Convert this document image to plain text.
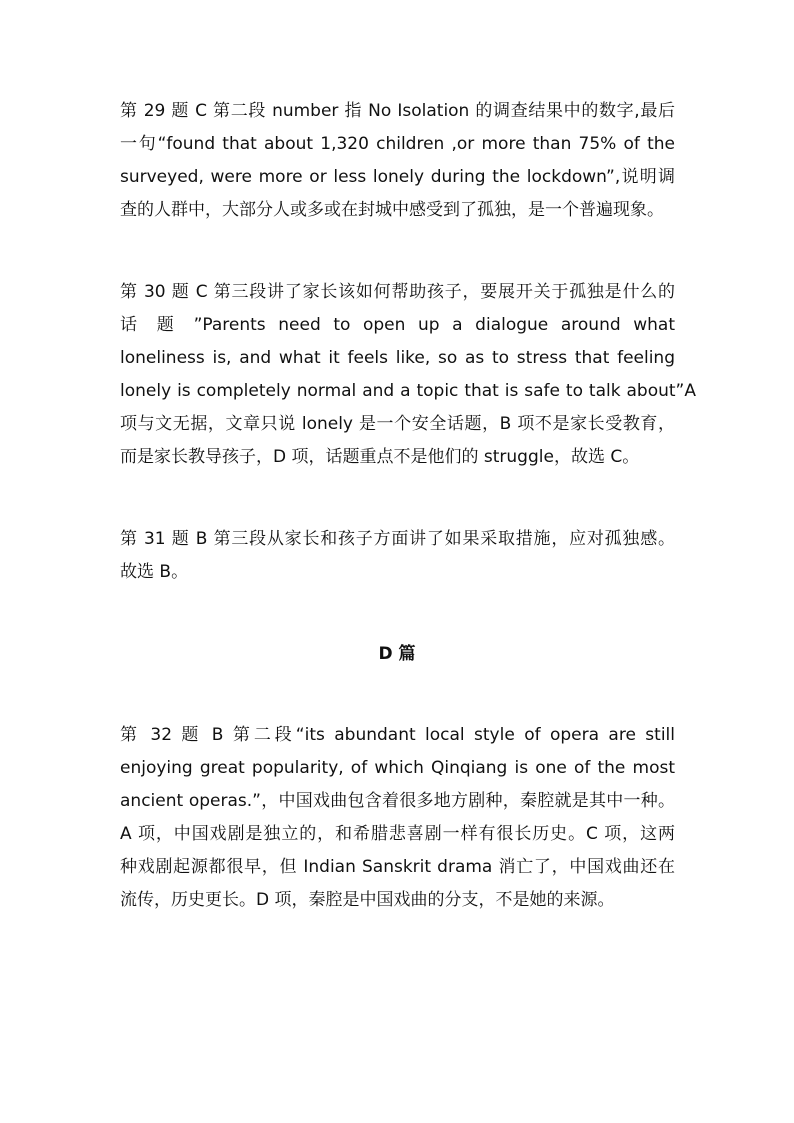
第 29 题 C 第二段 number 指 No Isolation 的调查结果中的数字,最后
一句“found that about 1,320 children ,or more than 75% of the
surveyed, were more or less lonely during the lockdown”,说明调
查的人群中，大部分人或多或在封城中感受到了孤独，是一个普遍现象。
第 30 题 C 第三段讲了家长该如何帮助孩子，要展开关于孤独是什么的
话 题 ”Parents need to open up a dialogue around what
loneliness is, and what it feels like, so as to stress that feeling
lonely is completely normal and a topic that is safe to talk about”A
项与文无据，文章只说 lonely 是一个安全话题，B 项不是家长受教育，
而是家长教导孩子，D 项，话题重点不是他们的 struggle，故选 C。
第 31 题 B 第三段从家长和孩子方面讲了如果采取措施，应对孤独感。
故选 B。
D 篇
第 32 题 B 第二段“its abundant local style of opera are still
enjoying great popularity, of which Qinqiang is one of the most
ancient operas.”，中国戏曲包含着很多地方剧种，秦腔就是其中一种。
A 项，中国戏剧是独立的，和希腊悲喜剧一样有很长历史。C 项，这两
种戏剧起源都很早，但 Indian Sanskrit drama 消亡了，中国戏曲还在
流传，历史更长。D 项，秦腔是中国戏曲的分支，不是她的来源。
